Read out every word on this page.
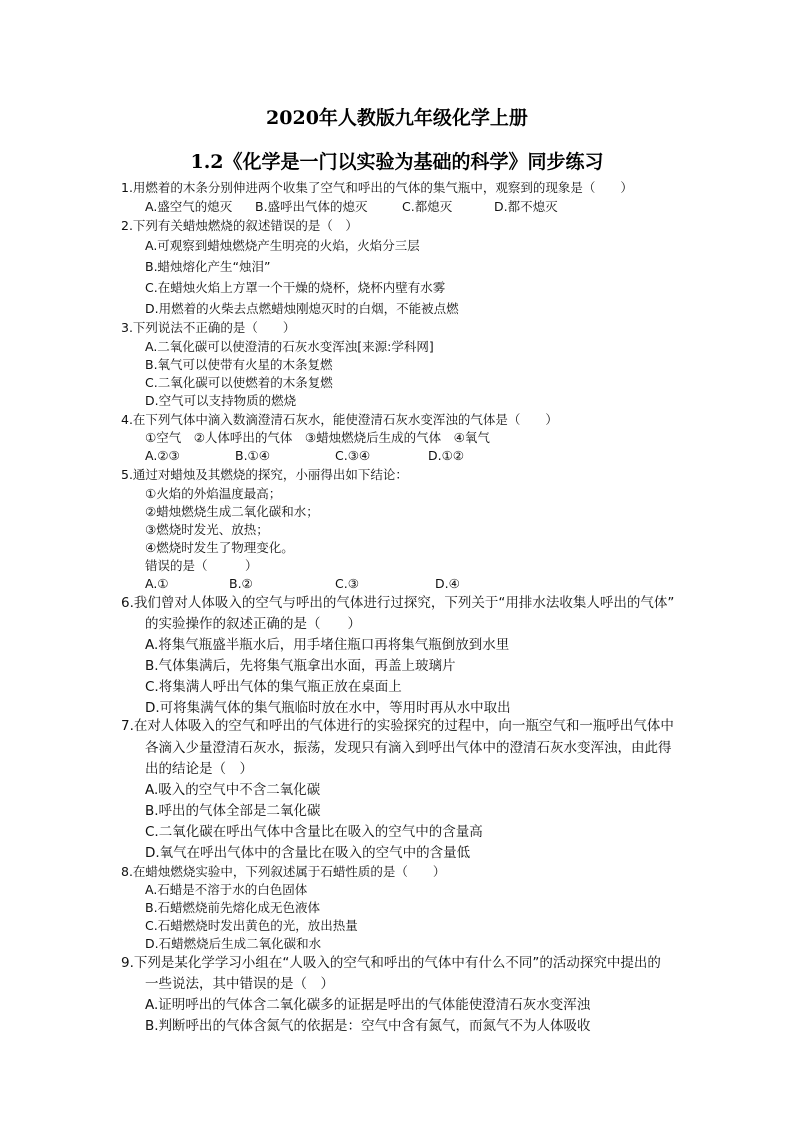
2020年人教版九年级化学上册
1.2《化学是一门以实验为基础的科学》同步练习
1.用燃着的木条分别伸进两个收集了空气和呼出的气体的集气瓶中，观察到的现象是（　　）
A.盛空气的熄灭 B.盛呼出气体的熄灭	C.都熄灭	D.都不熄灭
2.下列有关蜡烛燃烧的叙述错误的是（　）
A.可观察到蜡烛燃烧产生明亮的火焰，火焰分三层
B.蜡烛熔化产生“烛泪”
C.在蜡烛火焰上方罩一个干燥的烧杯，烧杯内壁有水雾
D.用燃着的火柴去点燃蜡烛刚熄灭时的白烟，不能被点燃
3.下列说法不正确的是（　　）
A.二氧化碳可以使澄清的石灰水变浑浊[来源:学科网]
B.氧气可以使带有火星的木条复燃
C.二氧化碳可以使燃着的木条复燃
D.空气可以支持物质的燃烧
4.在下列气体中滴入数滴澄清石灰水，能使澄清石灰水变浑浊的气体是（　　）
①空气　②人体呼出的气体　③蜡烛燃烧后生成的气体　④氧气
A.②③	B.①④	C.③④	D.①②
5.通过对蜡烛及其燃烧的探究，小丽得出如下结论：
①火焰的外焰温度最高；
②蜡烛燃烧生成二氧化碳和水；
③燃烧时发光、放热；
④燃烧时发生了物理变化。
错误的是（　　　）
A.①	B.②	C.③	D.④
6.我们曾对人体吸入的空气与呼出的气体进行过探究，下列关于“用排水法收集人呼出的气体”
的实验操作的叙述正确的是（　　）
A.将集气瓶盛半瓶水后，用手堵住瓶口再将集气瓶倒放到水里
B.气体集满后，先将集气瓶拿出水面，再盖上玻璃片
C.将集满人呼出气体的集气瓶正放在桌面上
D.可将集满气体的集气瓶临时放在水中，等用时再从水中取出
7.在对人体吸入的空气和呼出的气体进行的实验探究的过程中，向一瓶空气和一瓶呼出气体中
各滴入少量澄清石灰水，振荡，发现只有滴入到呼出气体中的澄清石灰水变浑浊，由此得
出的结论是（　）
A.吸入的空气中不含二氧化碳
B.呼出的气体全部是二氧化碳
C.二氧化碳在呼出气体中含量比在吸入的空气中的含量高
D.氧气在呼出气体中的含量比在吸入的空气中的含量低
8.在蜡烛燃烧实验中，下列叙述属于石蜡性质的是（　　）
A.石蜡是不溶于水的白色固体
B.石蜡燃烧前先熔化成无色液体
C.石蜡燃烧时发出黄色的光，放出热量
D.石蜡燃烧后生成二氧化碳和水
9.下列是某化学学习小组在“人吸入的空气和呼出的气体中有什么不同”的活动探究中提出的
一些说法，其中错误的是（　）
A.证明呼出的气体含二氧化碳多的证据是呼出的气体能使澄清石灰水变浑浊
B.判断呼出的气体含氮气的依据是：空气中含有氮气，而氮气不为人体吸收
